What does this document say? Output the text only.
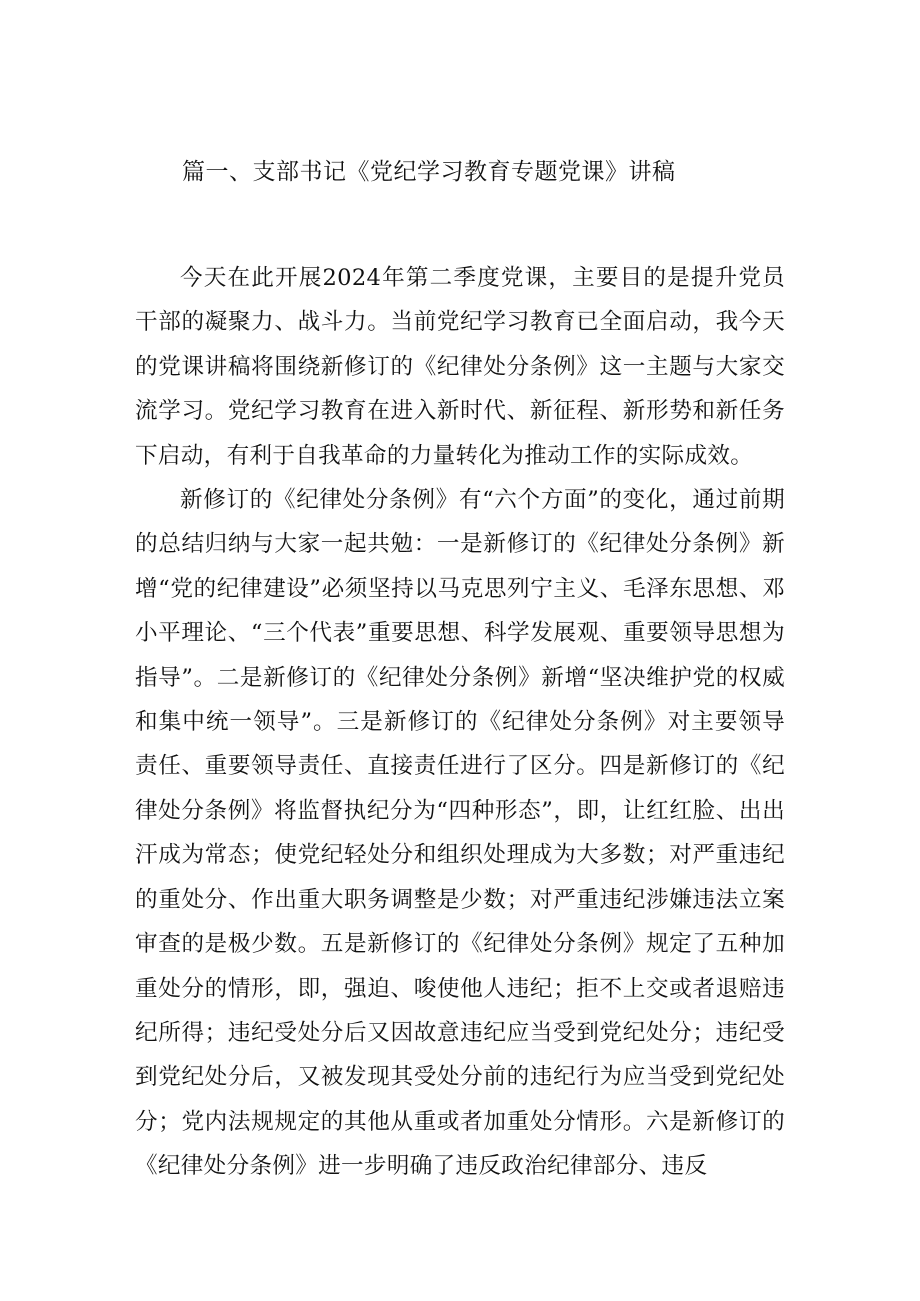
篇一、支部书记《党纪学习教育专题党课》讲稿

今天在此开展2024年第二季度党课，主要目的是提升党员干部的凝聚力、战斗力。当前党纪学习教育已全面启动，我今天的党课讲稿将围绕新修订的《纪律处分条例》这一主题与大家交流学习。党纪学习教育在进入新时代、新征程、新形势和新任务下启动，有利于自我革命的力量转化为推动工作的实际成效。

新修订的《纪律处分条例》有“六个方面”的变化，通过前期的总结归纳与大家一起共勉：一是新修订的《纪律处分条例》新增“党的纪律建设”必须坚持以马克思列宁主义、毛泽东思想、邓小平理论、“三个代表”重要思想、科学发展观、重要领导思想为指导”。二是新修订的《纪律处分条例》新增“坚决维护党的权威和集中统一领导”。三是新修订的《纪律处分条例》对主要领导责任、重要领导责任、直接责任进行了区分。四是新修订的《纪律处分条例》将监督执纪分为“四种形态”，即，让红红脸、出出汗成为常态；使党纪轻处分和组织处理成为大多数；对严重违纪的重处分、作出重大职务调整是少数；对严重违纪涉嫌违法立案审查的是极少数。五是新修订的《纪律处分条例》规定了五种加重处分的情形，即，强迫、唆使他人违纪；拒不上交或者退赔违纪所得；违纪受处分后又因故意违纪应当受到党纪处分；违纪受到党纪处分后，又被发现其受处分前的违纪行为应当受到党纪处分；党内法规规定的其他从重或者加重处分情形。六是新修订的《纪律处分条例》进一步明确了违反政治纪律部分、违反
